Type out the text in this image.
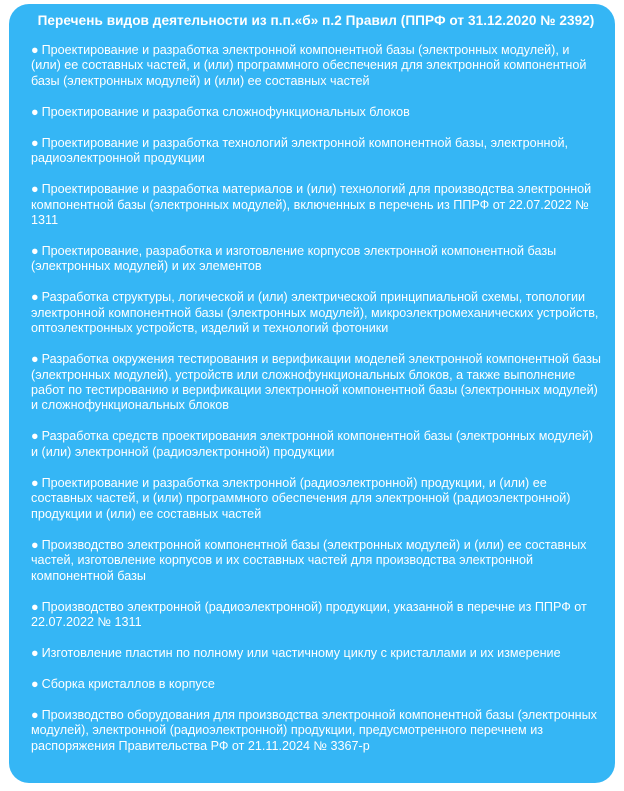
Перечень видов деятельности из п.п.«б» п.2 Правил (ППРФ от 31.12.2020 № 2392)
● Проектирование и разработка электронной компонентной базы (электронных модулей), и (или) ее составных частей, и (или) программного обеспечения для электронной компонентной базы (электронных модулей) и (или) ее составных частей
● Проектирование и разработка сложнофункциональных блоков
● Проектирование и разработка технологий электронной компонентной базы, электронной, радиоэлектронной продукции
● Проектирование и разработка материалов и (или) технологий для производства электронной компонентной базы (электронных модулей), включенных в перечень из ППРФ от 22.07.2022 № 1311
● Проектирование, разработка и изготовление корпусов электронной компонентной базы (электронных модулей) и их элементов
● Разработка структуры, логической и (или) электрической принципиальной схемы, топологии электронной компонентной базы (электронных модулей), микроэлектромеханических устройств, оптоэлектронных устройств, изделий и технологий фотоники
● Разработка окружения тестирования и верификации моделей электронной компонентной базы (электронных модулей), устройств или сложнофункциональных блоков, а также выполнение работ по тестированию и верификации электронной компонентной базы (электронных модулей) и сложнофункциональных блоков
● Разработка средств проектирования электронной компонентной базы (электронных модулей) и (или) электронной (радиоэлектронной) продукции
● Проектирование и разработка электронной (радиоэлектронной) продукции, и (или) ее составных частей, и (или) программного обеспечения для электронной (радиоэлектронной) продукции и (или) ее составных частей
● Производство электронной компонентной базы (электронных модулей) и (или) ее составных частей, изготовление корпусов и их составных частей для производства электронной компонентной базы
● Производство электронной (радиоэлектронной) продукции, указанной в перечне из ППРФ от 22.07.2022 № 1311
● Изготовление пластин по полному или частичному циклу с кристаллами и их измерение
● Сборка кристаллов в корпусе
● Производство оборудования для производства электронной компонентной базы (электронных модулей), электронной (радиоэлектронной) продукции, предусмотренного перечнем из распоряжения Правительства РФ от 21.11.2024 № 3367-р
